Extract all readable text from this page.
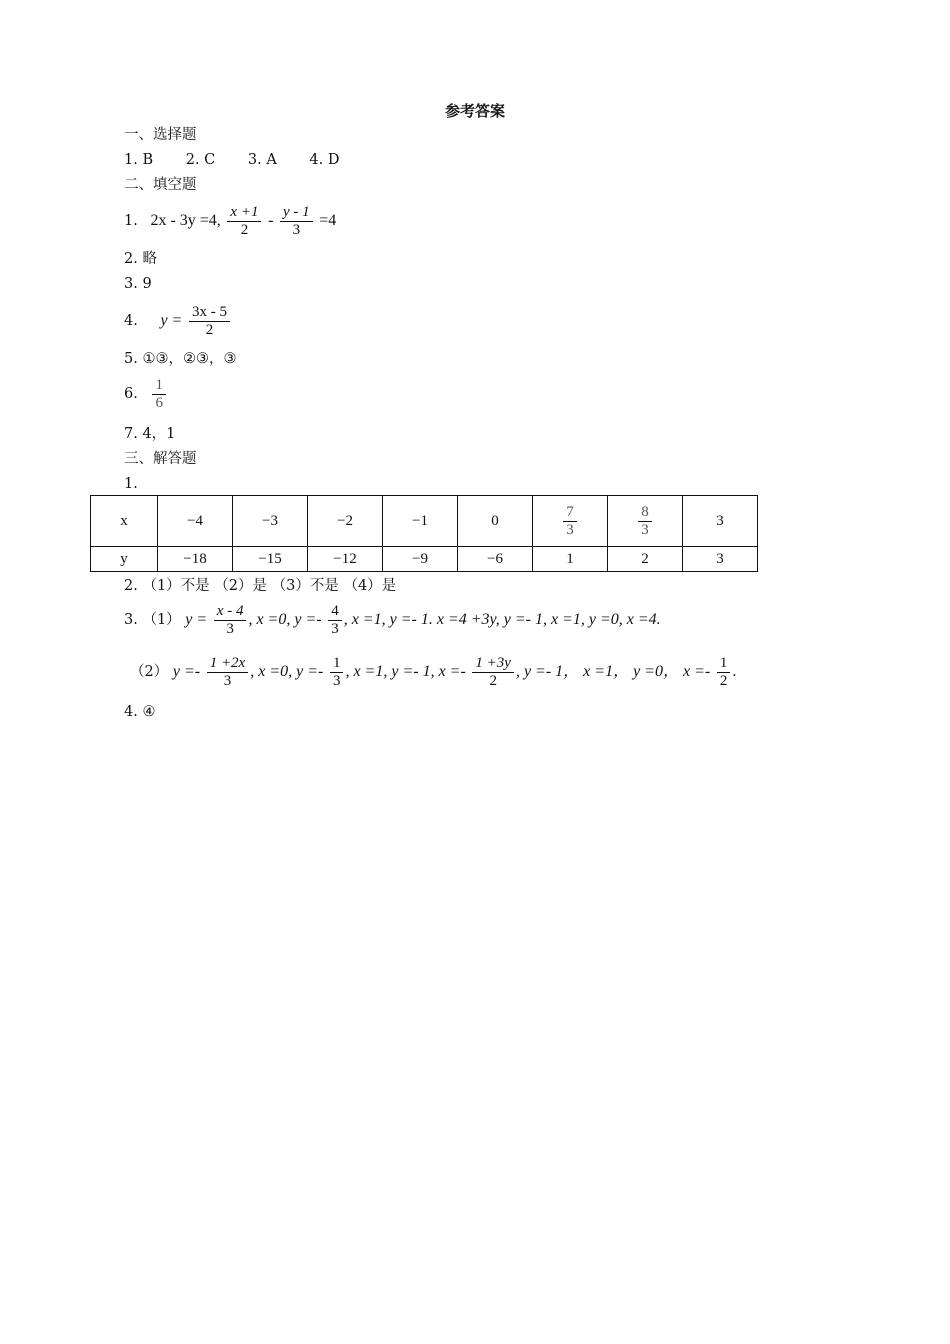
参考答案
一、选择题
1. B 2. C 3. A 4. D
二、填空题
1. 2x - 3y =4, $\frac{x +1}{2} - \frac{y - 1}{3} =4$
2. 略
3. 9
4. $y = \frac{3x - 5}{2}$
5. ①③，②③，③
6. $\frac{1}{6}$
7. 4，1
三、解答题
1.
x	−4	−3	−2	−1	0	$\frac{7}{3}$	$\frac{8}{3}$	3
y	−18	−15	−12	−9	−6	1	2	3
2. （1）不是 （2）是 （3）不是 （4）是
3. （1） $y = \frac{x - 4}{3}$ , x =0, $y =- \frac{4}{3}$ , x =1, y =- 1. x =4 +3y, y =- 1, x =1, y =0, x =4.
（2） $y =- \frac{1 +2x}{3}$ , x =0, $y =- \frac{1}{3}$ , x =1, y =- 1, $x =- \frac{1 +3y}{2}$ , y =- 1， x =1， y =0， $x =- \frac{1}{2}$ .
4. ④
